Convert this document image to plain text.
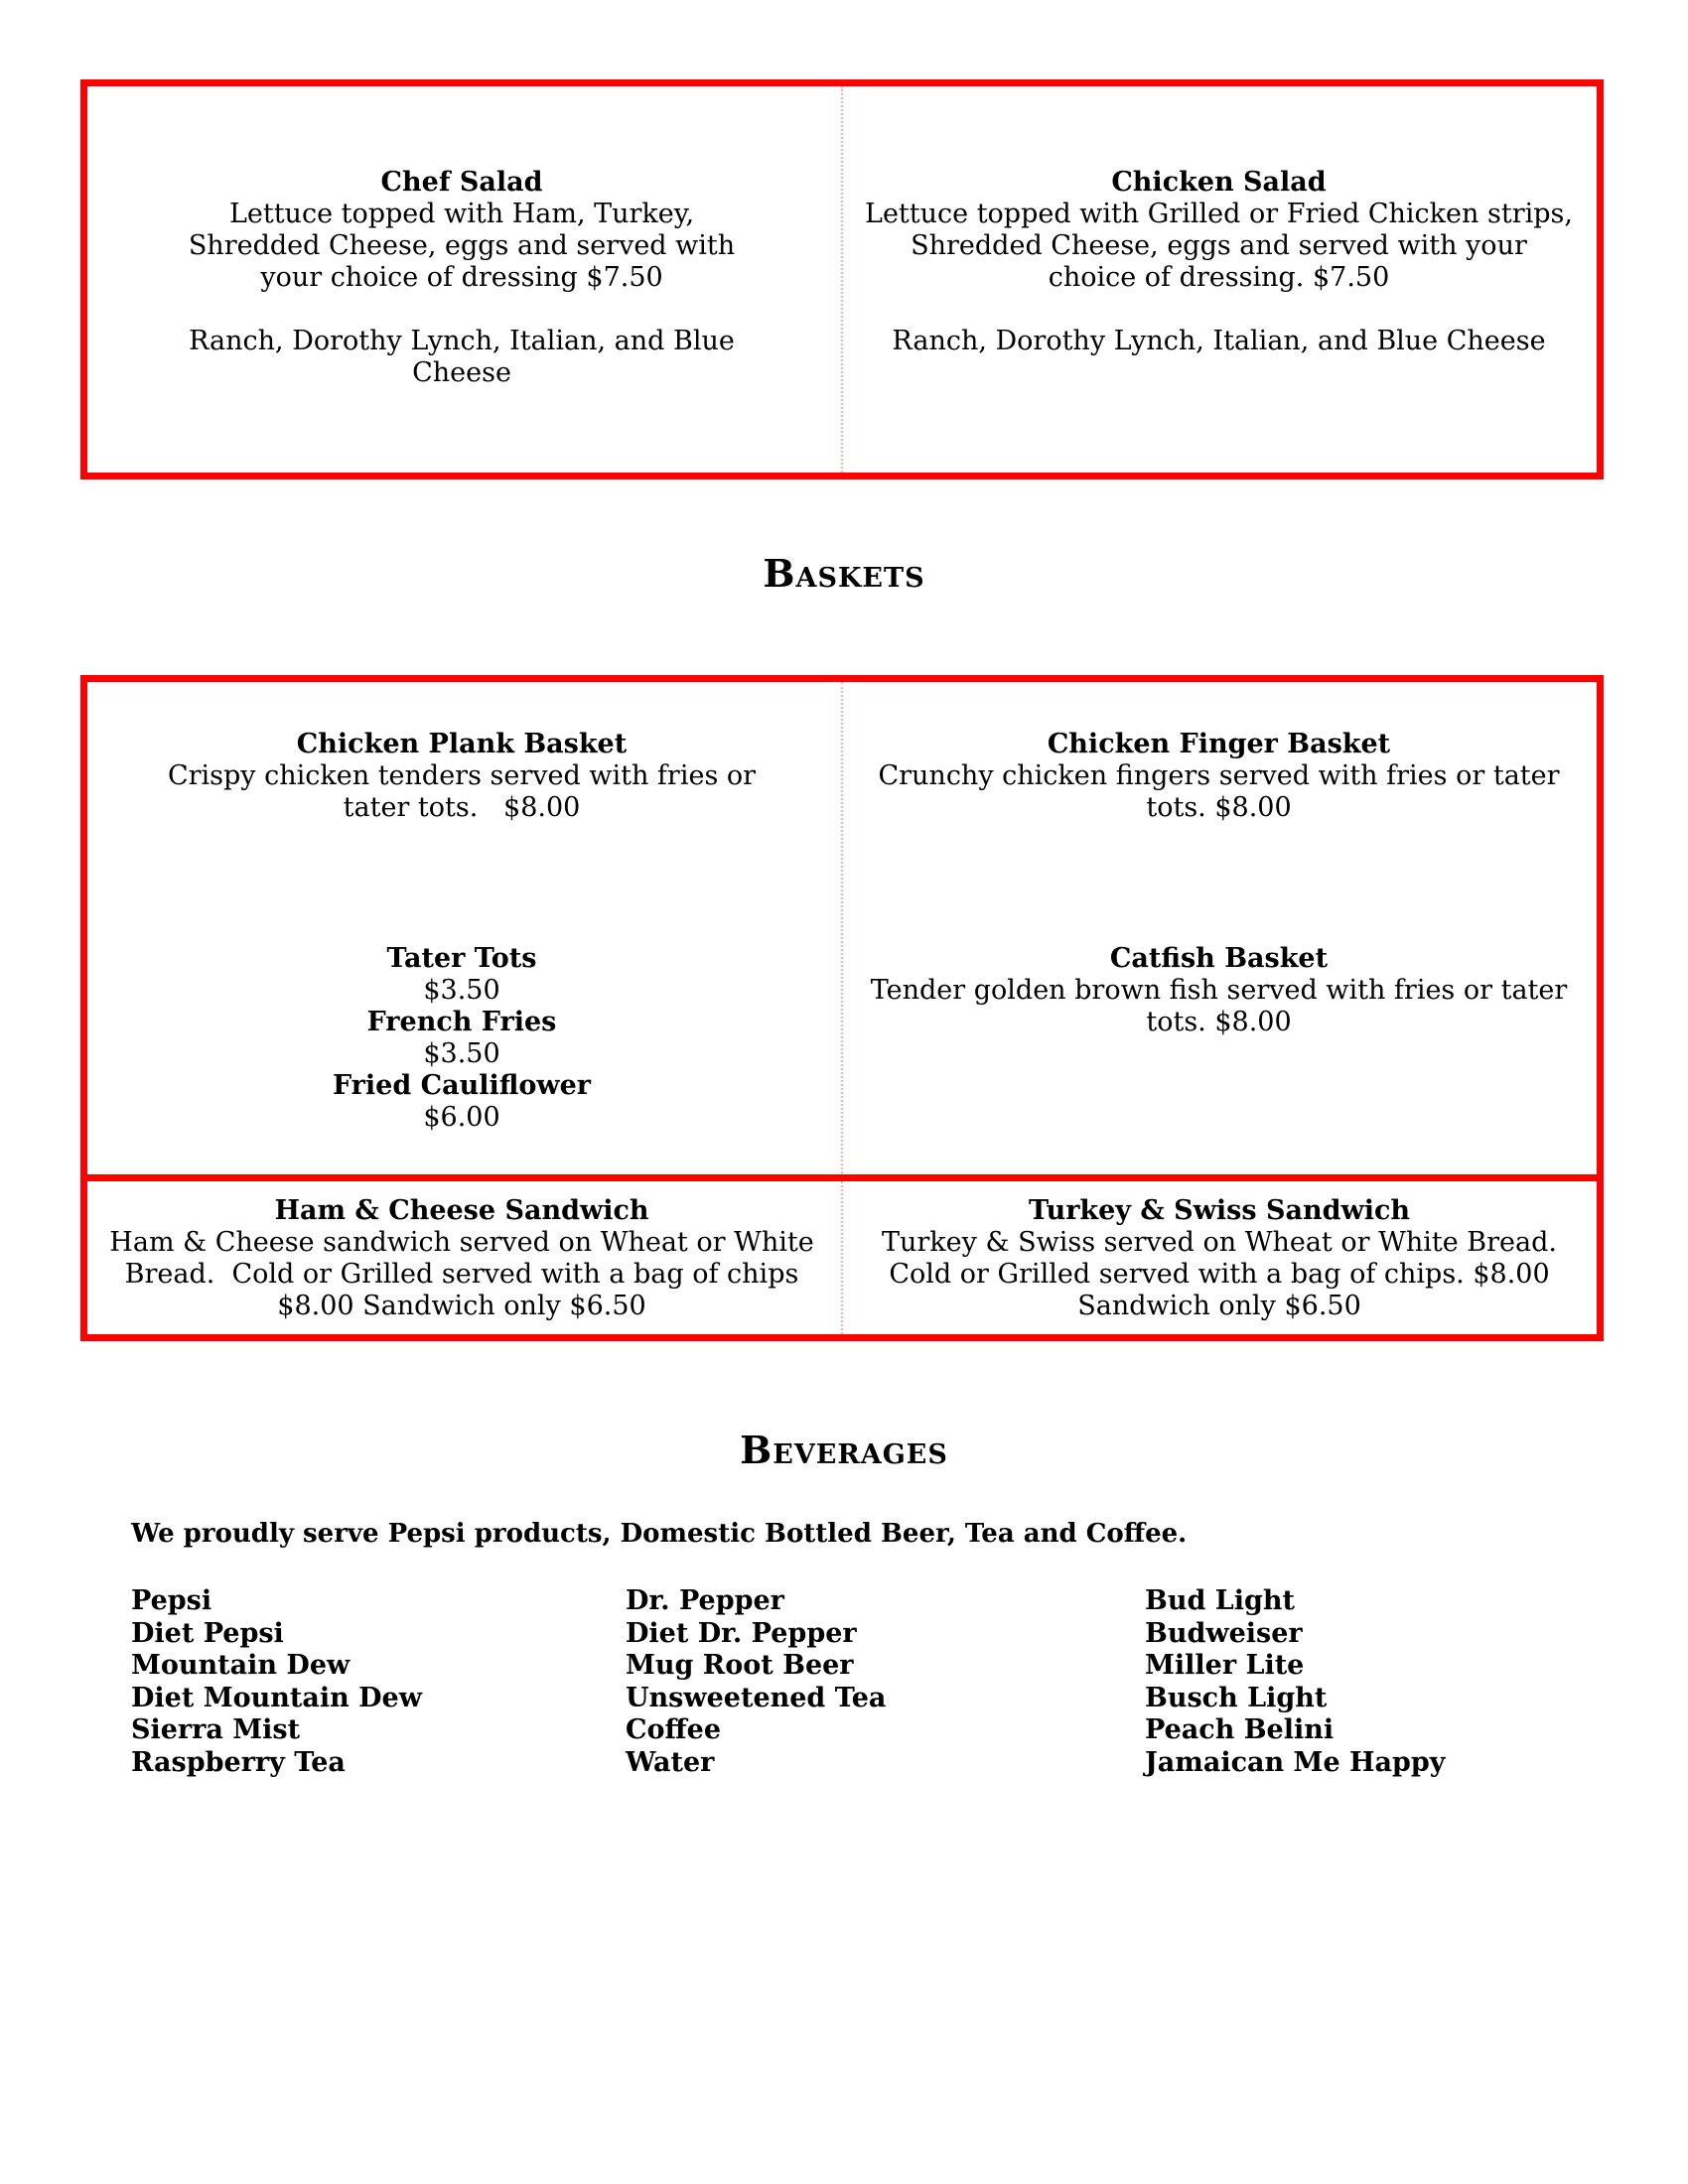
Chef Salad
Lettuce topped with Ham, Turkey, Shredded Cheese, eggs and served with your choice of dressing $7.50
Ranch, Dorothy Lynch, Italian, and Blue Cheese
Chicken Salad
Lettuce topped with Grilled or Fried Chicken strips, Shredded Cheese, eggs and served with your choice of dressing. $7.50
Ranch, Dorothy Lynch, Italian, and Blue Cheese
Baskets
Chicken Plank Basket
Crispy chicken tenders served with fries or tater tots.   $8.00
Chicken Finger Basket
Crunchy chicken fingers served with fries or tater tots. $8.00
Tater Tots
$3.50
French Fries
$3.50
Fried Cauliflower
$6.00
Catfish Basket
Tender golden brown fish served with fries or tater tots. $8.00
Ham & Cheese Sandwich
Ham & Cheese sandwich served on Wheat or White Bread.  Cold or Grilled served with a bag of chips $8.00 Sandwich only $6.50
Turkey & Swiss Sandwich
Turkey & Swiss served on Wheat or White Bread. Cold or Grilled served with a bag of chips. $8.00 Sandwich only $6.50
Beverages
We proudly serve Pepsi products, Domestic Bottled Beer, Tea and Coffee.
Pepsi
Diet Pepsi
Mountain Dew
Diet Mountain Dew
Sierra Mist
Raspberry Tea
Dr. Pepper
Diet Dr. Pepper
Mug Root Beer
Unsweetened Tea
Coffee
Water
Bud Light
Budweiser
Miller Lite
Busch Light
Peach Belini
Jamaican Me Happy
